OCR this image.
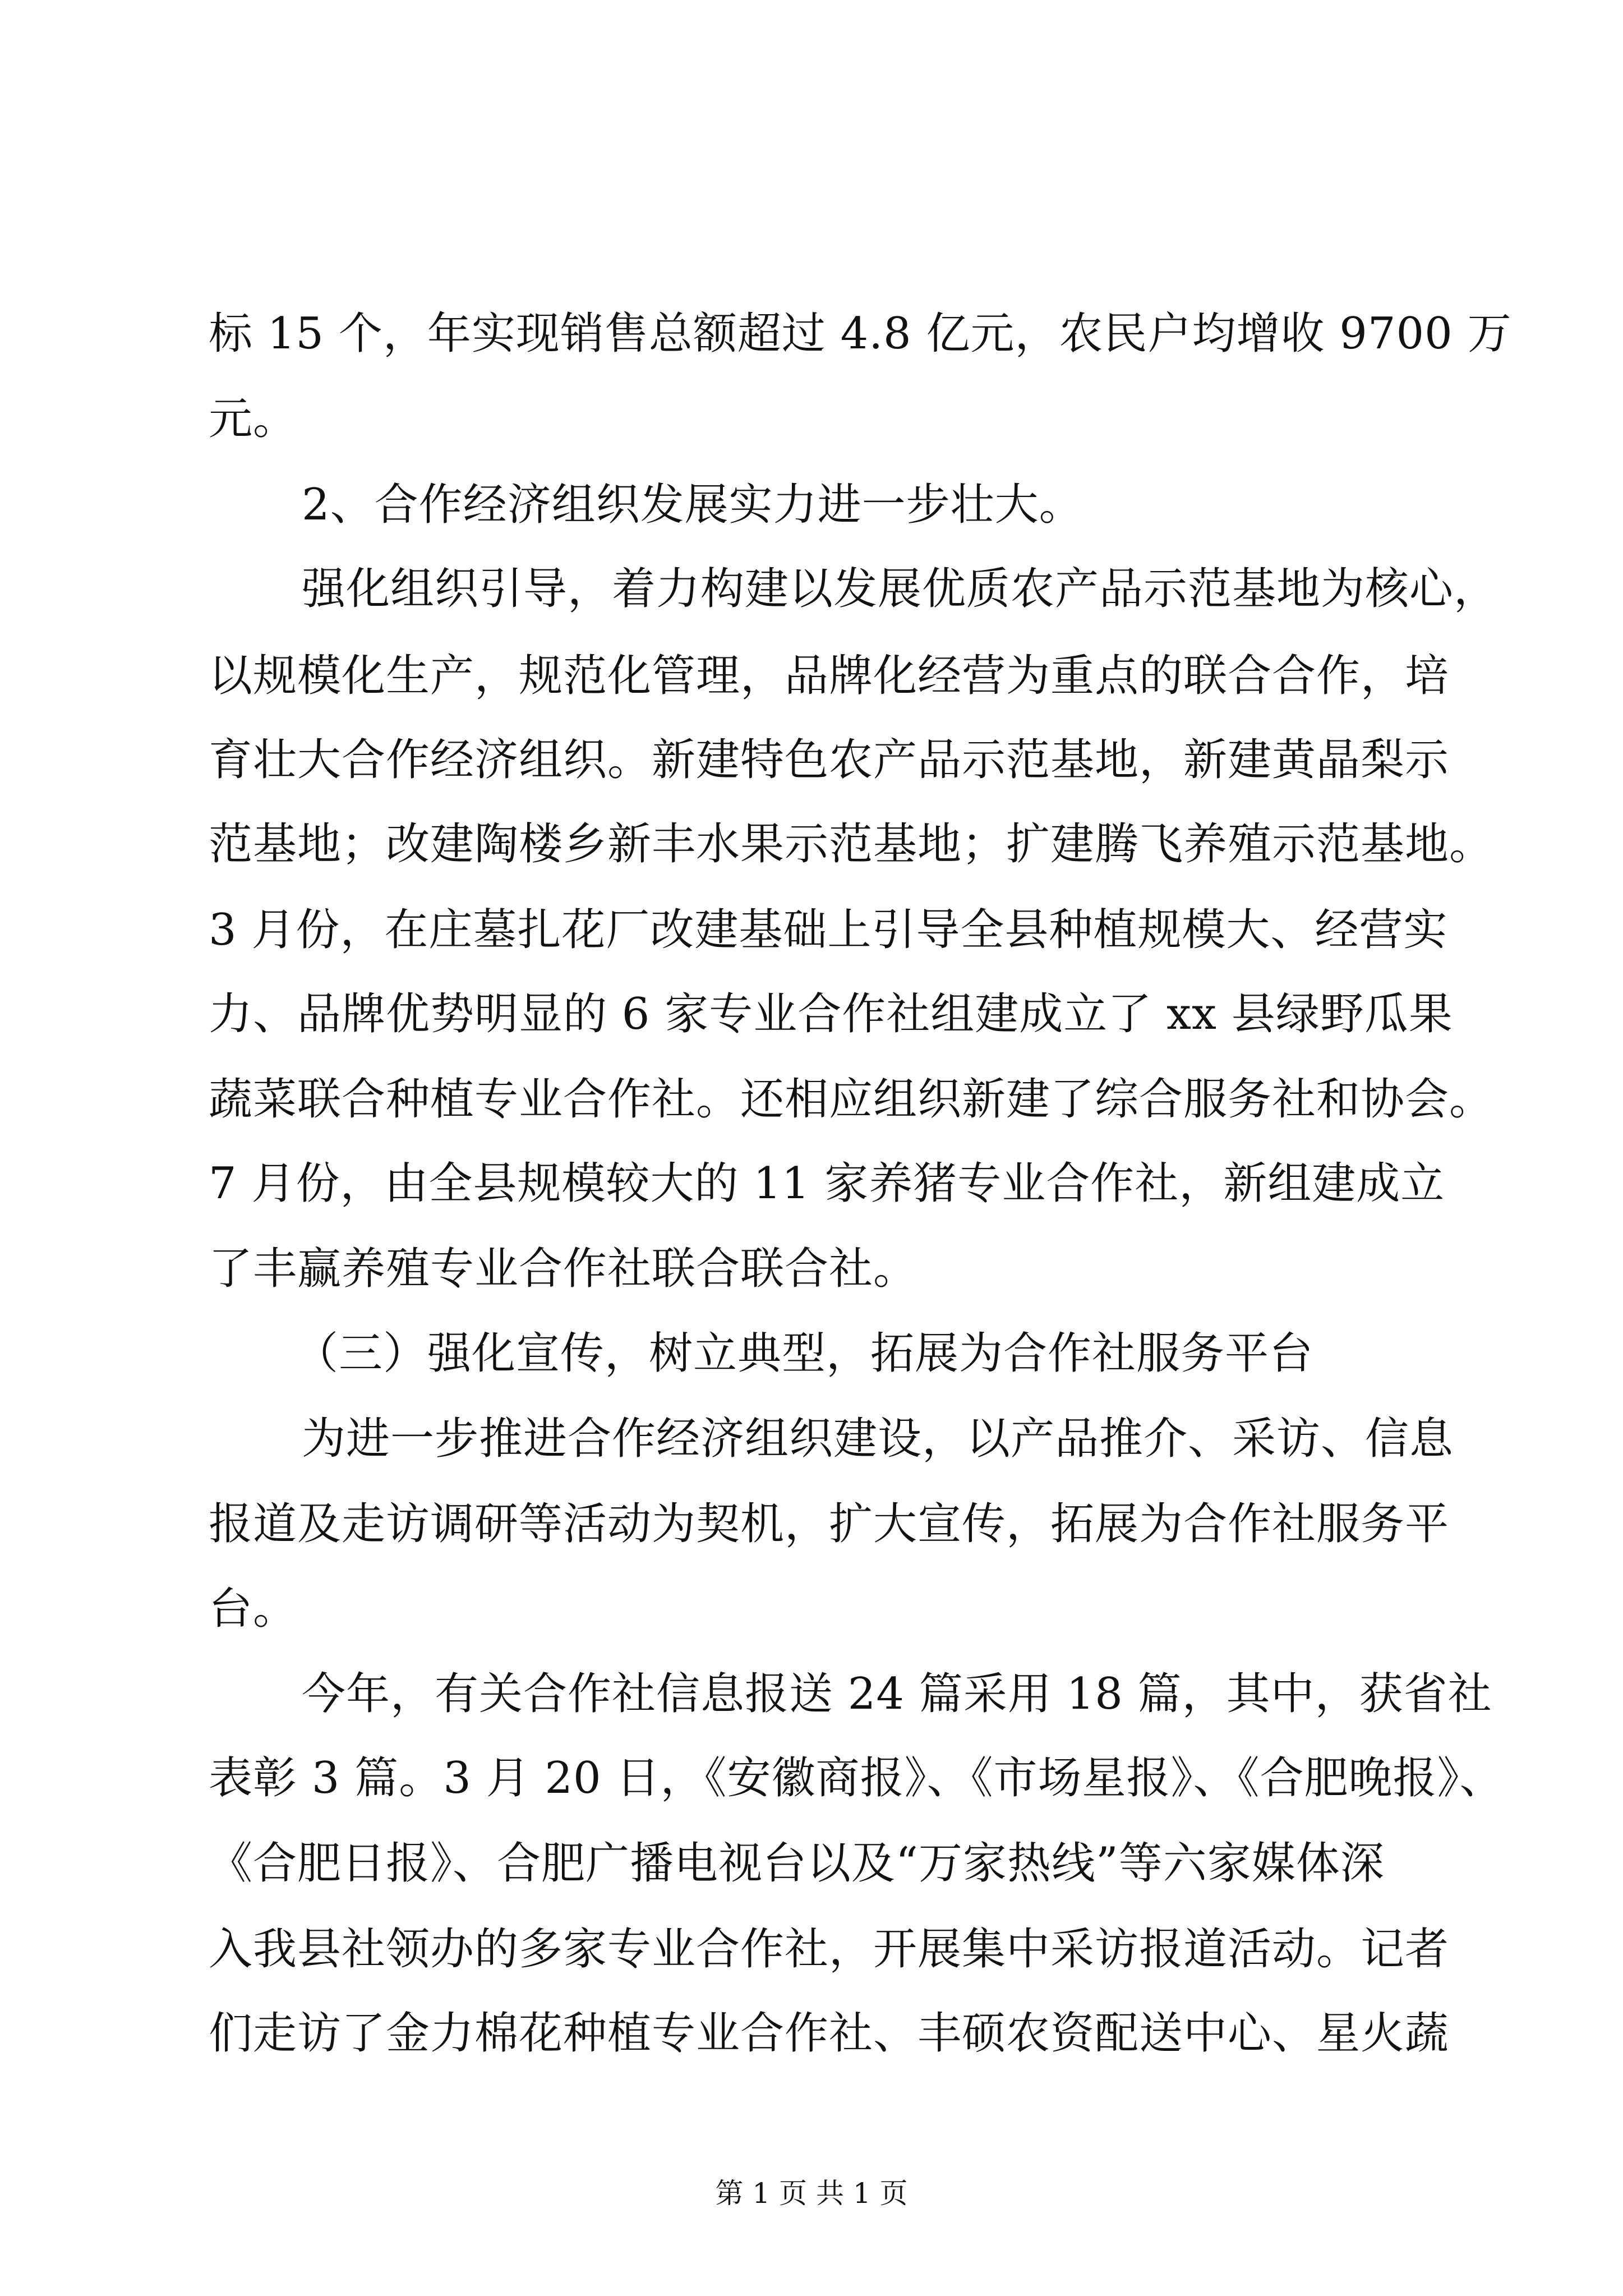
标 15 个，年实现销售总额超过 4.8 亿元，农民户均增收 9700 万
元。
2、合作经济组织发展实力进一步壮大。
强化组织引导，着力构建以发展优质农产品示范基地为核心，
以规模化生产，规范化管理，品牌化经营为重点的联合合作，培
育壮大合作经济组织。新建特色农产品示范基地，新建黄晶梨示
范基地；改建陶楼乡新丰水果示范基地；扩建腾飞养殖示范基地。
3 月份，在庄墓扎花厂改建基础上引导全县种植规模大、经营实
力、品牌优势明显的 6 家专业合作社组建成立了 xx 县绿野瓜果
蔬菜联合种植专业合作社。还相应组织新建了综合服务社和协会。
7 月份，由全县规模较大的 11 家养猪专业合作社，新组建成立
了丰赢养殖专业合作社联合联合社。
（三）强化宣传，树立典型，拓展为合作社服务平台
为进一步推进合作经济组织建设，以产品推介、采访、信息
报道及走访调研等活动为契机，扩大宣传，拓展为合作社服务平
台。
今年，有关合作社信息报送 24 篇采用 18 篇，其中，获省社
表彰 3 篇。3 月 20 日，《安徽商报》、《市场星报》、《合肥晚报》、
《合肥日报》、合肥广播电视台以及“万家热线”等六家媒体深
入我县社领办的多家专业合作社，开展集中采访报道活动。记者
们走访了金力棉花种植专业合作社、丰硕农资配送中心、星火蔬
第 1 页 共 1 页
